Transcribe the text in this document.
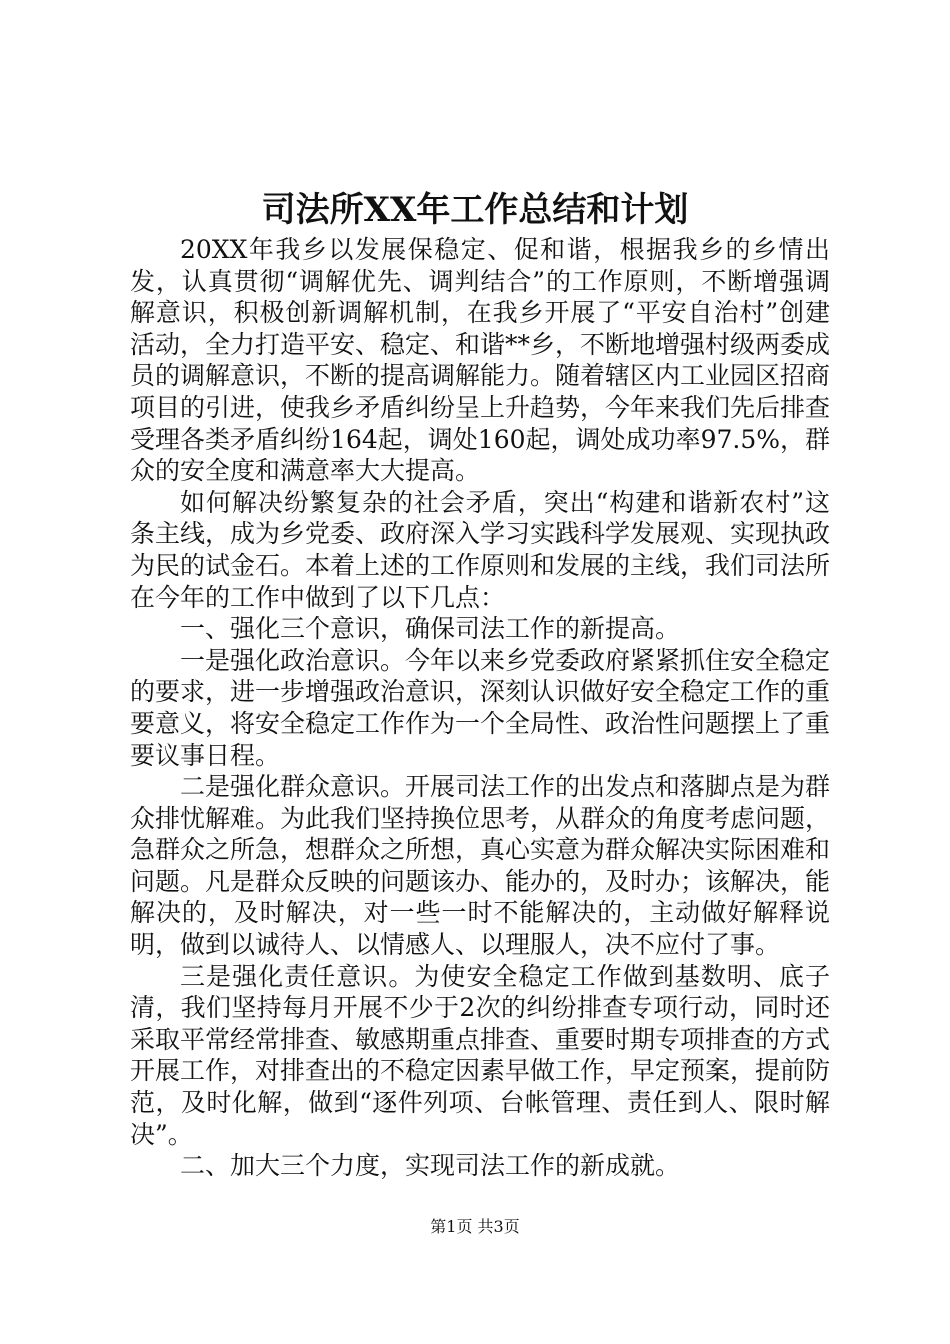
司法所XX年工作总结和计划

20XX年我乡以发展保稳定、促和谐，根据我乡的乡情出发，认真贯彻“调解优先、调判结合”的工作原则，不断增强调解意识，积极创新调解机制，在我乡开展了“平安自治村”创建活动，全力打造平安、稳定、和谐**乡，不断地增强村级两委成员的调解意识，不断的提高调解能力。随着辖区内工业园区招商项目的引进，使我乡矛盾纠纷呈上升趋势，今年来我们先后排查受理各类矛盾纠纷164起，调处160起，调处成功率97.5%，群众的安全度和满意率大大提高。

如何解决纷繁复杂的社会矛盾，突出“构建和谐新农村”这条主线，成为乡党委、政府深入学习实践科学发展观、实现执政为民的试金石。本着上述的工作原则和发展的主线，我们司法所在今年的工作中做到了以下几点：

一、强化三个意识，确保司法工作的新提高。

一是强化政治意识。今年以来乡党委政府紧紧抓住安全稳定的要求，进一步增强政治意识，深刻认识做好安全稳定工作的重要意义，将安全稳定工作作为一个全局性、政治性问题摆上了重要议事日程。

二是强化群众意识。开展司法工作的出发点和落脚点是为群众排忧解难。为此我们坚持换位思考，从群众的角度考虑问题，急群众之所急，想群众之所想，真心实意为群众解决实际困难和问题。凡是群众反映的问题该办、能办的，及时办；该解决，能解决的，及时解决，对一些一时不能解决的，主动做好解释说明，做到以诚待人、以情感人、以理服人，决不应付了事。

三是强化责任意识。为使安全稳定工作做到基数明、底子清，我们坚持每月开展不少于2次的纠纷排查专项行动，同时还采取平常经常排查、敏感期重点排查、重要时期专项排查的方式开展工作，对排查出的不稳定因素早做工作，早定预案，提前防范，及时化解，做到“逐件列项、台帐管理、责任到人、限时解决”。

二、加大三个力度，实现司法工作的新成就。

第1页 共3页
